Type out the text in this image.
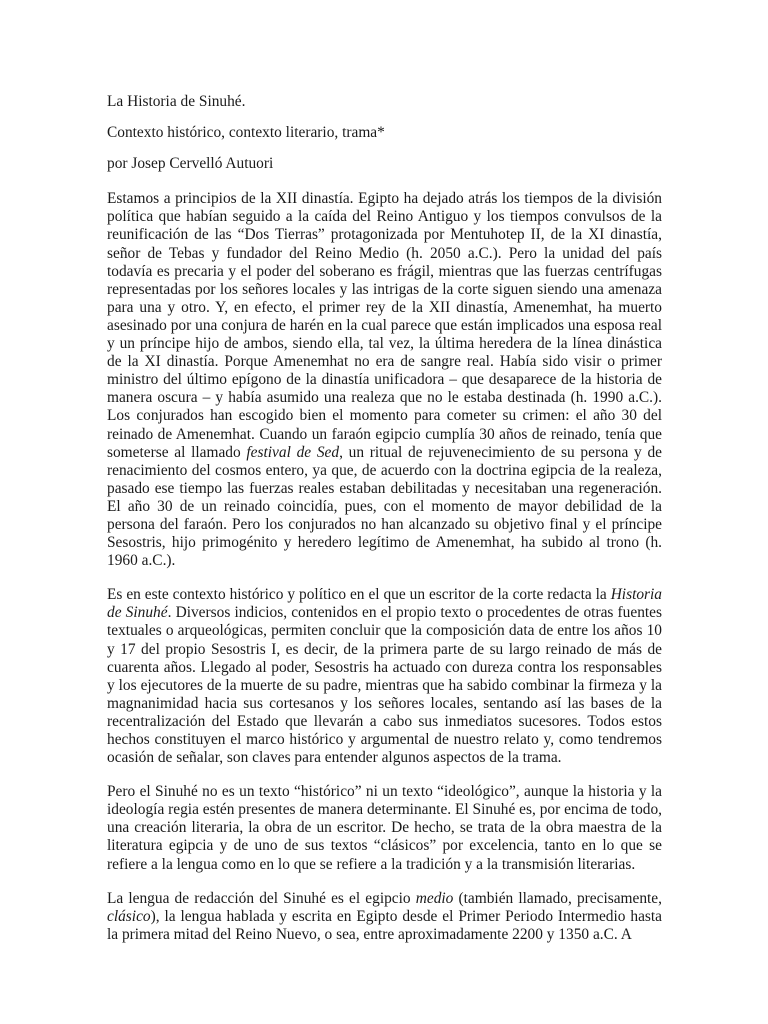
La Historia de Sinuhé.

Contexto histórico, contexto literario, trama*

por Josep Cervelló Autuori

Estamos a principios de la XII dinastía. Egipto ha dejado atrás los tiempos de la división política que habían seguido a la caída del Reino Antiguo y los tiempos convulsos de la reunificación de las “Dos Tierras” protagonizada por Mentuhotep II, de la XI dinastía, señor de Tebas y fundador del Reino Medio (h. 2050 a.C.). Pero la unidad del país todavía es precaria y el poder del soberano es frágil, mientras que las fuerzas centrífugas representadas por los señores locales y las intrigas de la corte siguen siendo una amenaza para una y otro. Y, en efecto, el primer rey de la XII dinastía, Amenemhat, ha muerto asesinado por una conjura de harén en la cual parece que están implicados una esposa real y un príncipe hijo de ambos, siendo ella, tal vez, la última heredera de la línea dinástica de la XI dinastía. Porque Amenemhat no era de sangre real. Había sido visir o primer ministro del último epígono de la dinastía unificadora – que desaparece de la historia de manera oscura – y había asumido una realeza que no le estaba destinada (h. 1990 a.C.). Los conjurados han escogido bien el momento para cometer su crimen: el año 30 del reinado de Amenemhat. Cuando un faraón egipcio cumplía 30 años de reinado, tenía que someterse al llamado festival de Sed, un ritual de rejuvenecimiento de su persona y de renacimiento del cosmos entero, ya que, de acuerdo con la doctrina egipcia de la realeza, pasado ese tiempo las fuerzas reales estaban debilitadas y necesitaban una regeneración. El año 30 de un reinado coincidía, pues, con el momento de mayor debilidad de la persona del faraón. Pero los conjurados no han alcanzado su objetivo final y el príncipe Sesostris, hijo primogénito y heredero legítimo de Amenemhat, ha subido al trono (h. 1960 a.C.).

Es en este contexto histórico y político en el que un escritor de la corte redacta la Historia de Sinuhé. Diversos indicios, contenidos en el propio texto o procedentes de otras fuentes textuales o arqueológicas, permiten concluir que la composición data de entre los años 10 y 17 del propio Sesostris I, es decir, de la primera parte de su largo reinado de más de cuarenta años. Llegado al poder, Sesostris ha actuado con dureza contra los responsables y los ejecutores de la muerte de su padre, mientras que ha sabido combinar la firmeza y la magnanimidad hacia sus cortesanos y los señores locales, sentando así las bases de la recentralización del Estado que llevarán a cabo sus inmediatos sucesores. Todos estos hechos constituyen el marco histórico y argumental de nuestro relato y, como tendremos ocasión de señalar, son claves para entender algunos aspectos de la trama.

Pero el Sinuhé no es un texto “histórico” ni un texto “ideológico”, aunque la historia y la ideología regia estén presentes de manera determinante. El Sinuhé es, por encima de todo, una creación literaria, la obra de un escritor. De hecho, se trata de la obra maestra de la literatura egipcia y de uno de sus textos “clásicos” por excelencia, tanto en lo que se refiere a la lengua como en lo que se refiere a la tradición y a la transmisión literarias.

La lengua de redacción del Sinuhé es el egipcio medio (también llamado, precisamente, clásico), la lengua hablada y escrita en Egipto desde el Primer Periodo Intermedio hasta la primera mitad del Reino Nuevo, o sea, entre aproximadamente 2200 y 1350 a.C. A
